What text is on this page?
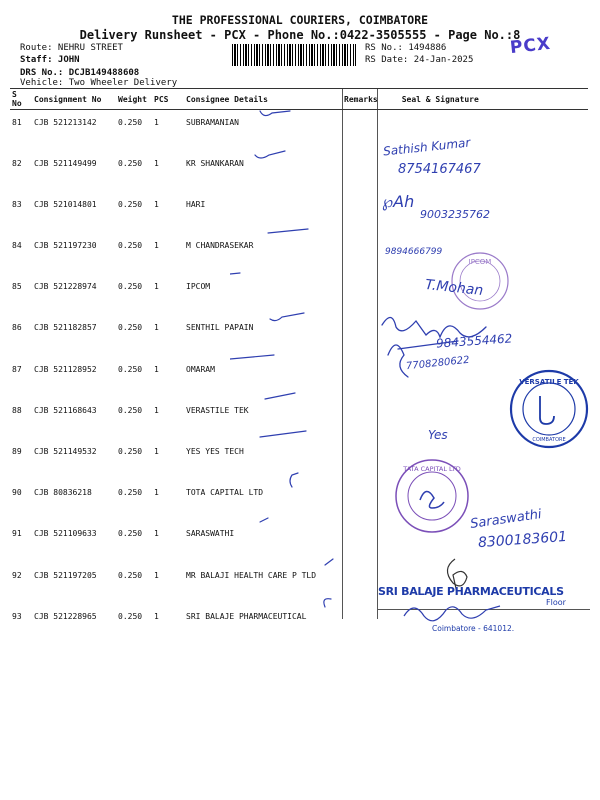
THE PROFESSIONAL COURIERS, COIMBATORE
Delivery Runsheet - PCX - Phone No.:0422-3505555 - Page No.:8
Route: NEHRU STREET
Staff: JOHN
DRS No.: DCJB149488608
Vehicle: Two Wheeler Delivery
RS No.: 1494886
RS Date: 24-Jan-2025
PCX
S No	Consignment No	Weight	PCS	Consignee Details	Remarks	Seal & Signature
81	CJB 521213142	0.250	1	SUBRAMANIAN		
82	CJB 521149499	0.250	1	KR SHANKARAN		
83	CJB 521014801	0.250	1	HARI		
84	CJB 521197230	0.250	1	M CHANDRASEKAR		
85	CJB 521228974	0.250	1	IPCOM		
86	CJB 521182857	0.250	1	SENTHIL PAPAIN		
87	CJB 521128952	0.250	1	OMARAM		
88	CJB 521168643	0.250	1	VERASTILE TEK		
89	CJB 521149532	0.250	1	YES YES TECH		
90	CJB 80836218	0.250	1	TOTA CAPITAL LTD		
91	CJB 521109633	0.250	1	SARASWATHI		
92	CJB 521197205	0.250	1	MR BALAJI HEALTH CARE P TLD		
93	CJB 521228965	0.250	1	SRI BALAJE PHARMACEUTICAL		
Sathish Kumar
8754167467
℘Ah
9003235762
9894666799
IPCOM
T.Mohan
9843554462
7708280622
VERSATILE TEK
COIMBATORE
Yes
TATA CAPITAL LTD
Saraswathi
8300183601
SRI BALAJE PHARMACEUTICALS
Floor
Coimbatore - 641012.
